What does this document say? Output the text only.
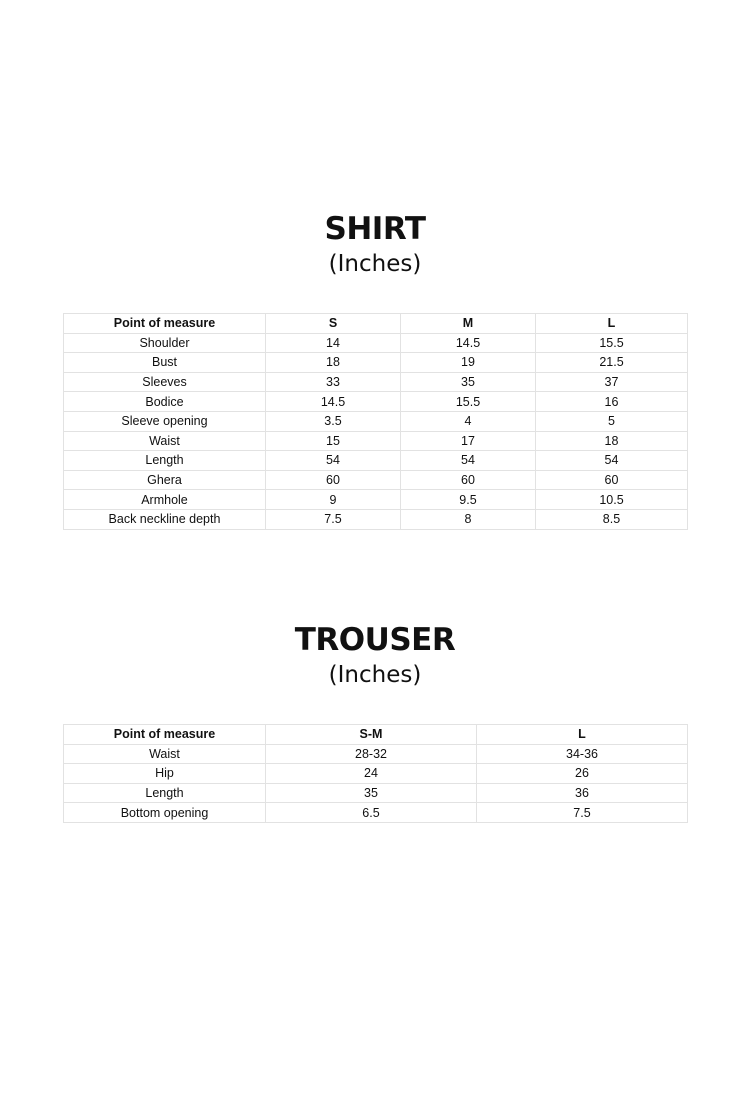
SHIRT
(Inches)
Point of measure	S	M	L
Shoulder	14	14.5	15.5
Bust	18	19	21.5
Sleeves	33	35	37
Bodice	14.5	15.5	16
Sleeve opening	3.5	4	5
Waist	15	17	18
Length	54	54	54
Ghera	60	60	60
Armhole	9	9.5	10.5
Back neckline depth	7.5	8	8.5
TROUSER
(Inches)
Point of measure	S-M	L
Waist	28-32	34-36
Hip	24	26
Length	35	36
Bottom opening	6.5	7.5
